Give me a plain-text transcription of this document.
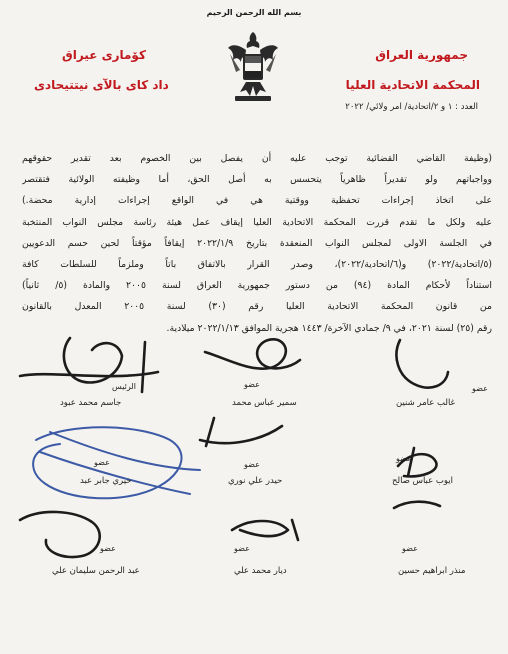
بسم الله الرحمن الرحيم
جمهورية العراق
المحكمة الاتحادية العليا
كۆماری عیراق
داد كاى بالآى نيتتيحادى
العدد : ١ و ٢/اتحادية/ امر ولائي/ ٢٠٢٢
(وظيفة القاضي القضائية توجب عليه أن يفصل بين الخصوم بعد تقدير حقوقهم
وواجباتهم ولو تقديراً ظاهرياً يتحسس به أصل الحق، أما وظيفته الولائية فتقتصر
على اتخاذ إجراءات تحفظية ووقتية هي في الواقع إجراءات إدارية محضة.)
عليه ولكل ما تقدم قررت المحكمة الاتحادية العليا إيقاف عمل هيئة رئاسة مجلس النواب المنتخبة
في الجلسة الاولى لمجلس النواب المنعقدة بتاريخ ٢٠٢٢/١/٩ إيقافاً مؤقتاً لحين حسم الدعويين
(٥/اتحادية/٢٠٢٢) و(٦/اتحادية/٢٠٢٢)، وصدر القرار بالاتفاق باتاً وملزماً للسلطات كافة
استناداً لأحكام المادة (٩٤) من دستور جمهورية العراق لسنة ٢٠٠٥ والمادة (٥/ ثانياً)
من قانون المحكمة الاتحادية العليا رقم (٣٠) لسنة ٢٠٠٥ المعدل بالقانون
رقم (٢٥) لسنة ٢٠٢١، في ٩/ جمادي الآخرة/ ١٤٤٣ هجرية الموافق ٢٠٢٢/١/١٣ ميلادية.
عضو
غالب عامر شنين
عضو
سمير عباس محمد
الرئيس
جاسم محمد عبود
عضو
ايوب عباس صالح
عضو
حيدر علي نوري
عضو
خيري جابر عبد
عضو
منذر ابراهيم حسين
عضو
ديار محمد علي
عضو
عبد الرحمن سليمان علي
